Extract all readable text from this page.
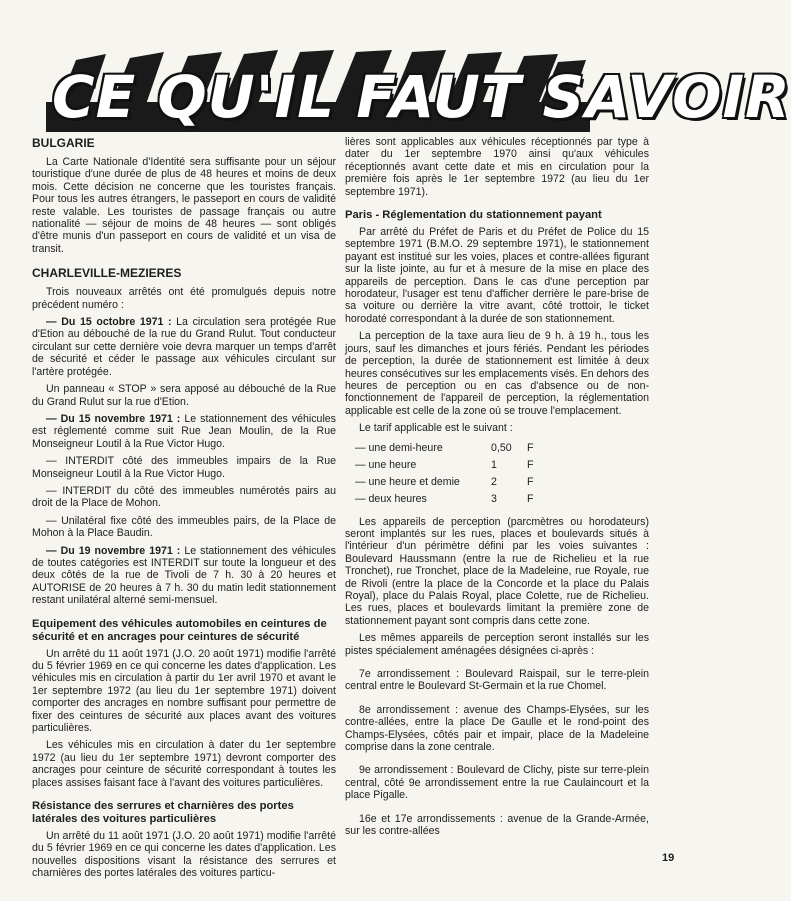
CE QU'IL FAUT SAVOIR
BULGARIE

La Carte Nationale d'Identité sera suffisante pour un séjour touristique d'une durée de plus de 48 heures et moins de deux mois. Cette décision ne concerne que les touristes français. Pour tous les autres étrangers, le passeport en cours de validité reste valable. Les touristes de passage français ou autre nationalité — séjour de moins de 48 heures — sont obligés d'être munis d'un passeport en cours de validité et un visa de transit.

CHARLEVILLE-MEZIERES

Trois nouveaux arrêtés ont été promulgués depuis notre précédent numéro :

— Du 15 octobre 1971 : La circulation sera protégée Rue d'Etion au débouché de la rue du Grand Rulut. Tout conducteur circulant sur cette dernière voie devra marquer un temps d'arrêt de sécurité et céder le passage aux véhicules circulant sur l'artère protégée.

Un panneau « STOP » sera apposé au débouché de la Rue du Grand Rulut sur la rue d'Etion.

— Du 15 novembre 1971 : Le stationnement des véhicules est réglementé comme suit Rue Jean Moulin, de la Rue Monseigneur Loutil à la Rue Victor Hugo.

— INTERDIT côté des immeubles impairs de la Rue Monseigneur Loutil à la Rue Victor Hugo.

— INTERDIT du côté des immeubles numérotés pairs au droit de la Place de Mohon.

— Unilatéral fixe côté des immeubles pairs, de la Place de Mohon à la Place Baudin.

— Du 19 novembre 1971 : Le stationnement des véhicules de toutes catégories est INTERDIT sur toute la longueur et des deux côtés de la rue de Tivoli de 7 h. 30 à 20 heures et AUTORISE de 20 heures à 7 h. 30 du matin ledit stationnement restant unilatéral alterné semi-mensuel.

Equipement des véhicules automobiles en ceintures de sécurité et en ancrages pour ceintures de sécurité

Un arrêté du 11 août 1971 (J.O. 20 août 1971) modifie l'arrêté du 5 février 1969 en ce qui concerne les dates d'application. Les véhicules mis en circulation à partir du 1er avril 1970 et avant le 1er septembre 1972 (au lieu du 1er septembre 1971) doivent comporter des ancrages en nombre suffisant pour permettre de fixer des ceintures de sécurité aux places avant des voitures particulières.

Les véhicules mis en circulation à dater du 1er septembre 1972 (au lieu du 1er septembre 1971) devront comporter des ancrages pour ceinture de sécurité correspondant à toutes les places assises faisant face à l'avant des voitures particulières.

Résistance des serrures et charnières des portes latérales des voitures particulières

Un arrêté du 11 août 1971 (J.O. 20 août 1971) modifie l'arrêté du 5 février 1969 en ce qui concerne les dates d'application. Les nouvelles dispositions visant la résistance des serrures et charnières des portes latérales des voitures particu-

lières sont applicables aux véhicules réceptionnés par type à dater du 1er septembre 1970 ainsi qu'aux véhicules réceptionnés avant cette date et mis en circulation pour la première fois après le 1er septembre 1972 (au lieu du 1er septembre 1971).

Paris - Réglementation du stationnement payant

Par arrêté du Préfet de Paris et du Préfet de Police du 15 septembre 1971 (B.M.O. 29 septembre 1971), le stationnement payant est institué sur les voies, places et contre-allées figurant sur la liste jointe, au fur et à mesure de la mise en place des appareils de perception. Dans le cas d'une perception par horodateur, l'usager est tenu d'afficher derrière le pare-brise de sa voiture ou derrière la vitre avant, côté trottoir, le ticket horodaté correspondant à la durée de son stationnement.

La perception de la taxe aura lieu de 9 h. à 19 h., tous les jours, sauf les dimanches et jours fériés. Pendant les périodes de perception, la durée de stationnement est limitée à deux heures consécutives sur les emplacements visés. En dehors des heures de perception ou en cas d'absence ou de non-fonctionnement de l'appareil de perception, la réglementation applicable est celle de la zone où se trouve l'emplacement.

Le tarif applicable est le suivant :

— une demi-heure	0,50	F
— une heure	1	F
— une heure et demie	2	F
— deux heures	3	F

Les appareils de perception (parcmètres ou horodateurs) seront implantés sur les rues, places et boulevards situés à l'intérieur d'un périmètre défini par les voies suivantes : Boulevard Haussmann (entre la rue de Richelieu et la rue Tronchet), rue Tronchet, place de la Madeleine, rue Royale, rue de Rivoli (entre la place de la Concorde et la place du Palais Royal), place du Palais Royal, place Colette, rue de Richelieu. Les rues, places et boulevards limitant la première zone de stationnement payant sont compris dans cette zone.

Les mêmes appareils de perception seront installés sur les pistes spécialement aménagées désignées ci-après :

7e arrondissement : Boulevard Raispail, sur le terre-plein central entre le Boulevard St-Germain et la rue Chomel.

8e arrondissement : avenue des Champs-Elysées, sur les contre-allées, entre la place De Gaulle et le rond-point des Champs-Elysées, côtés pair et impair, place de la Madeleine comprise dans la zone centrale.

9e arrondissement : Boulevard de Clichy, piste sur terre-plein central, côté 9e arrondissement entre la rue Caulaincourt et la place Pigalle.

16e et 17e arrondissements : avenue de la Grande-Armée, sur les contre-allées

19
